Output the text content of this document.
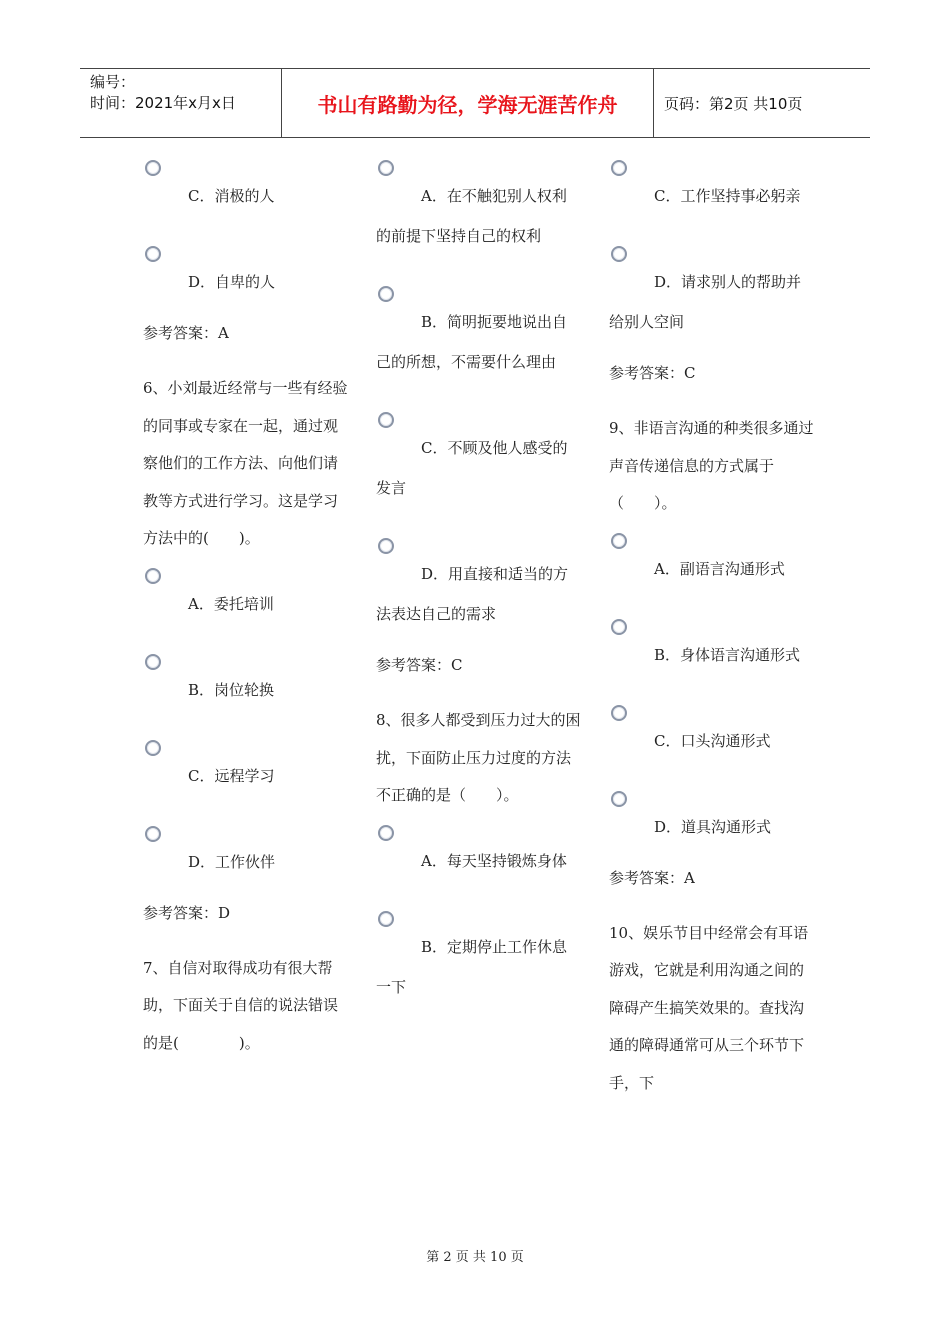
编号：
时间：2021年x月x日	书山有路勤为径，学海无涯苦作舟	页码：第2页 共10页
C．消极的人
D．自卑的人
参考答案：A
6、小刘最近经常与一些有经验的同事或专家在一起，通过观察他们的工作方法、向他们请教等方式进行学习。这是学习方法中的(　　)。
A．委托培训
B．岗位轮换
C．远程学习
D．工作伙伴
参考答案：D
7、自信对取得成功有很大帮助，下面关于自信的说法错误的是(　　　　)。
A．在不触犯别人权利的前提下坚持自己的权利
B．简明扼要地说出自己的所想，不需要什么理由
C．不顾及他人感受的发言
D．用直接和适当的方法表达自己的需求
参考答案：C
8、很多人都受到压力过大的困扰，下面防止压力过度的方法不正确的是（　　）。
A．每天坚持锻炼身体
B．定期停止工作休息一下
C．工作坚持事必躬亲
D．请求别人的帮助并给别人空间
参考答案：C
9、非语言沟通的种类很多通过声音传递信息的方式属于（　　）。
A．副语言沟通形式
B．身体语言沟通形式
C．口头沟通形式
D．道具沟通形式
参考答案：A
10、娱乐节目中经常会有耳语游戏，它就是利用沟通之间的障碍产生搞笑效果的。查找沟通的障碍通常可从三个环节下手，下
第 2 页 共 10 页
